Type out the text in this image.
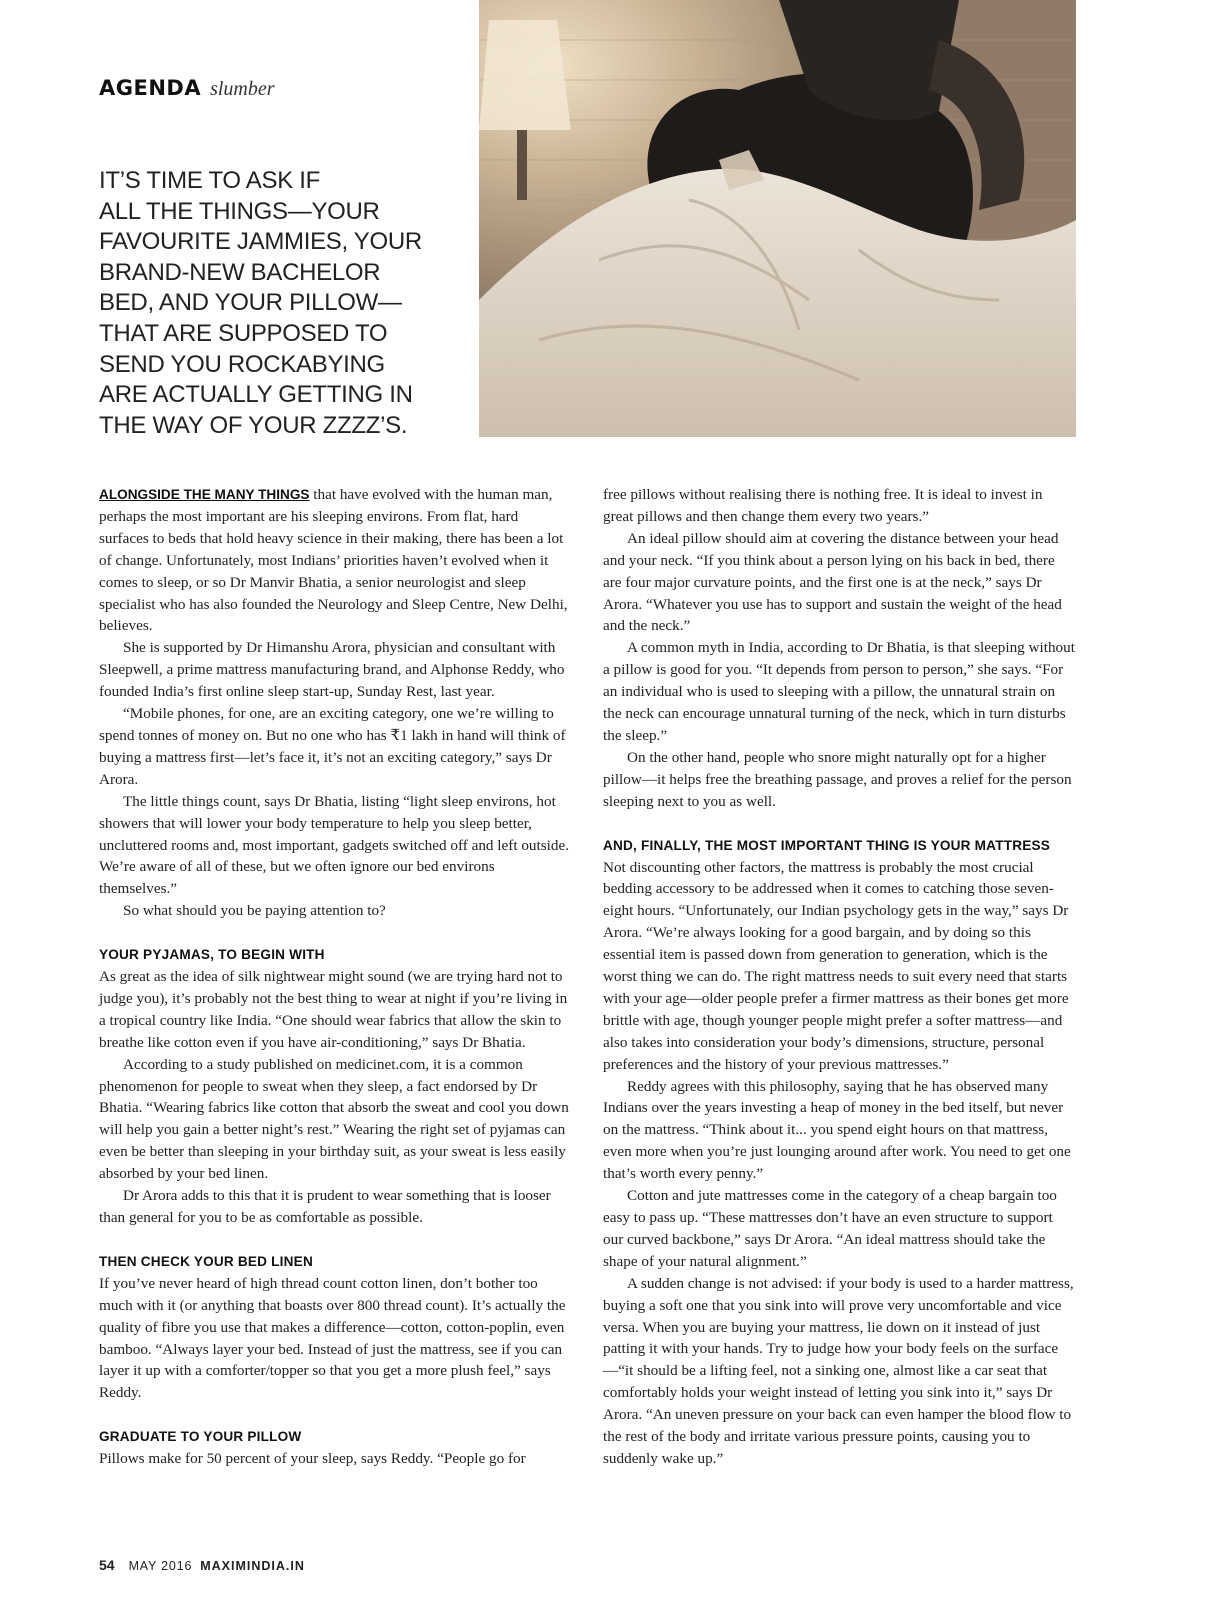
AGENDA slumber

IT’S TIME TO ASK IF
ALL THE THINGS—YOUR
FAVOURITE JAMMIES, YOUR
BRAND-NEW BACHELOR
BED, AND YOUR PILLOW—
THAT ARE SUPPOSED TO
SEND YOU ROCKABYING
ARE ACTUALLY GETTING IN
THE WAY OF YOUR ZZZZ’S.

ALONGSIDE THE MANY THINGS that have evolved with the human man, perhaps the most important are his sleeping environs. From flat, hard surfaces to beds that hold heavy science in their making, there has been a lot of change. Unfortunately, most Indians’ priorities haven’t evolved when it comes to sleep, or so Dr Manvir Bhatia, a senior neurologist and sleep specialist who has also founded the Neurology and Sleep Centre, New Delhi, believes.

She is supported by Dr Himanshu Arora, physician and consultant with Sleepwell, a prime mattress manufacturing brand, and Alphonse Reddy, who founded India’s first online sleep start-up, Sunday Rest, last year.

“Mobile phones, for one, are an exciting category, one we’re willing to spend tonnes of money on. But no one who has ₹1 lakh in hand will think of buying a mattress first—let’s face it, it’s not an exciting category,” says Dr Arora.

The little things count, says Dr Bhatia, listing “light sleep environs, hot showers that will lower your body temperature to help you sleep better, uncluttered rooms and, most important, gadgets switched off and left outside. We’re aware of all of these, but we often ignore our bed environs themselves.”

So what should you be paying attention to?

YOUR PYJAMAS, TO BEGIN WITH

As great as the idea of silk nightwear might sound (we are trying hard not to judge you), it’s probably not the best thing to wear at night if you’re living in a tropical country like India. “One should wear fabrics that allow the skin to breathe like cotton even if you have air-conditioning,” says Dr Bhatia.

According to a study published on medicinet.com, it is a common phenomenon for people to sweat when they sleep, a fact endorsed by Dr Bhatia. “Wearing fabrics like cotton that absorb the sweat and cool you down will help you gain a better night’s rest.” Wearing the right set of pyjamas can even be better than sleeping in your birthday suit, as your sweat is less easily absorbed by your bed linen.

Dr Arora adds to this that it is prudent to wear something that is looser than general for you to be as comfortable as possible.

THEN CHECK YOUR BED LINEN

If you’ve never heard of high thread count cotton linen, don’t bother too much with it (or anything that boasts over 800 thread count). It’s actually the quality of fibre you use that makes a difference—cotton, cotton-poplin, even bamboo. “Always layer your bed. Instead of just the mattress, see if you can layer it up with a comforter/topper so that you get a more plush feel,” says Reddy.

GRADUATE TO YOUR PILLOW

Pillows make for 50 percent of your sleep, says Reddy. “People go for

free pillows without realising there is nothing free. It is ideal to invest in great pillows and then change them every two years.”

An ideal pillow should aim at covering the distance between your head and your neck. “If you think about a person lying on his back in bed, there are four major curvature points, and the first one is at the neck,” says Dr Arora. “Whatever you use has to support and sustain the weight of the head and the neck.”

A common myth in India, according to Dr Bhatia, is that sleeping without a pillow is good for you. “It depends from person to person,” she says. “For an individual who is used to sleeping with a pillow, the unnatural strain on the neck can encourage unnatural turning of the neck, which in turn disturbs the sleep.”

On the other hand, people who snore might naturally opt for a higher pillow—it helps free the breathing passage, and proves a relief for the person sleeping next to you as well.

AND, FINALLY, THE MOST IMPORTANT THING IS YOUR MATTRESS

Not discounting other factors, the mattress is probably the most crucial bedding accessory to be addressed when it comes to catching those seven-eight hours. “Unfortunately, our Indian psychology gets in the way,” says Dr Arora. “We’re always looking for a good bargain, and by doing so this essential item is passed down from generation to generation, which is the worst thing we can do. The right mattress needs to suit every need that starts with your age—older people prefer a firmer mattress as their bones get more brittle with age, though younger people might prefer a softer mattress—and also takes into consideration your body’s dimensions, structure, personal preferences and the history of your previous mattresses.”

Reddy agrees with this philosophy, saying that he has observed many Indians over the years investing a heap of money in the bed itself, but never on the mattress. “Think about it... you spend eight hours on that mattress, even more when you’re just lounging around after work. You need to get one that’s worth every penny.”

Cotton and jute mattresses come in the category of a cheap bargain too easy to pass up. “These mattresses don’t have an even structure to support our curved backbone,” says Dr Arora. “An ideal mattress should take the shape of your natural alignment.”

A sudden change is not advised: if your body is used to a harder mattress, buying a soft one that you sink into will prove very uncomfortable and vice versa. When you are buying your mattress, lie down on it instead of just patting it with your hands. Try to judge how your body feels on the surface—“it should be a lifting feel, not a sinking one, almost like a car seat that comfortably holds your weight instead of letting you sink into it,” says Dr Arora. “An uneven pressure on your back can even hamper the blood flow to the rest of the body and irritate various pressure points, causing you to suddenly wake up.”

54 MAY 2016 MAXIMINDIA.IN
